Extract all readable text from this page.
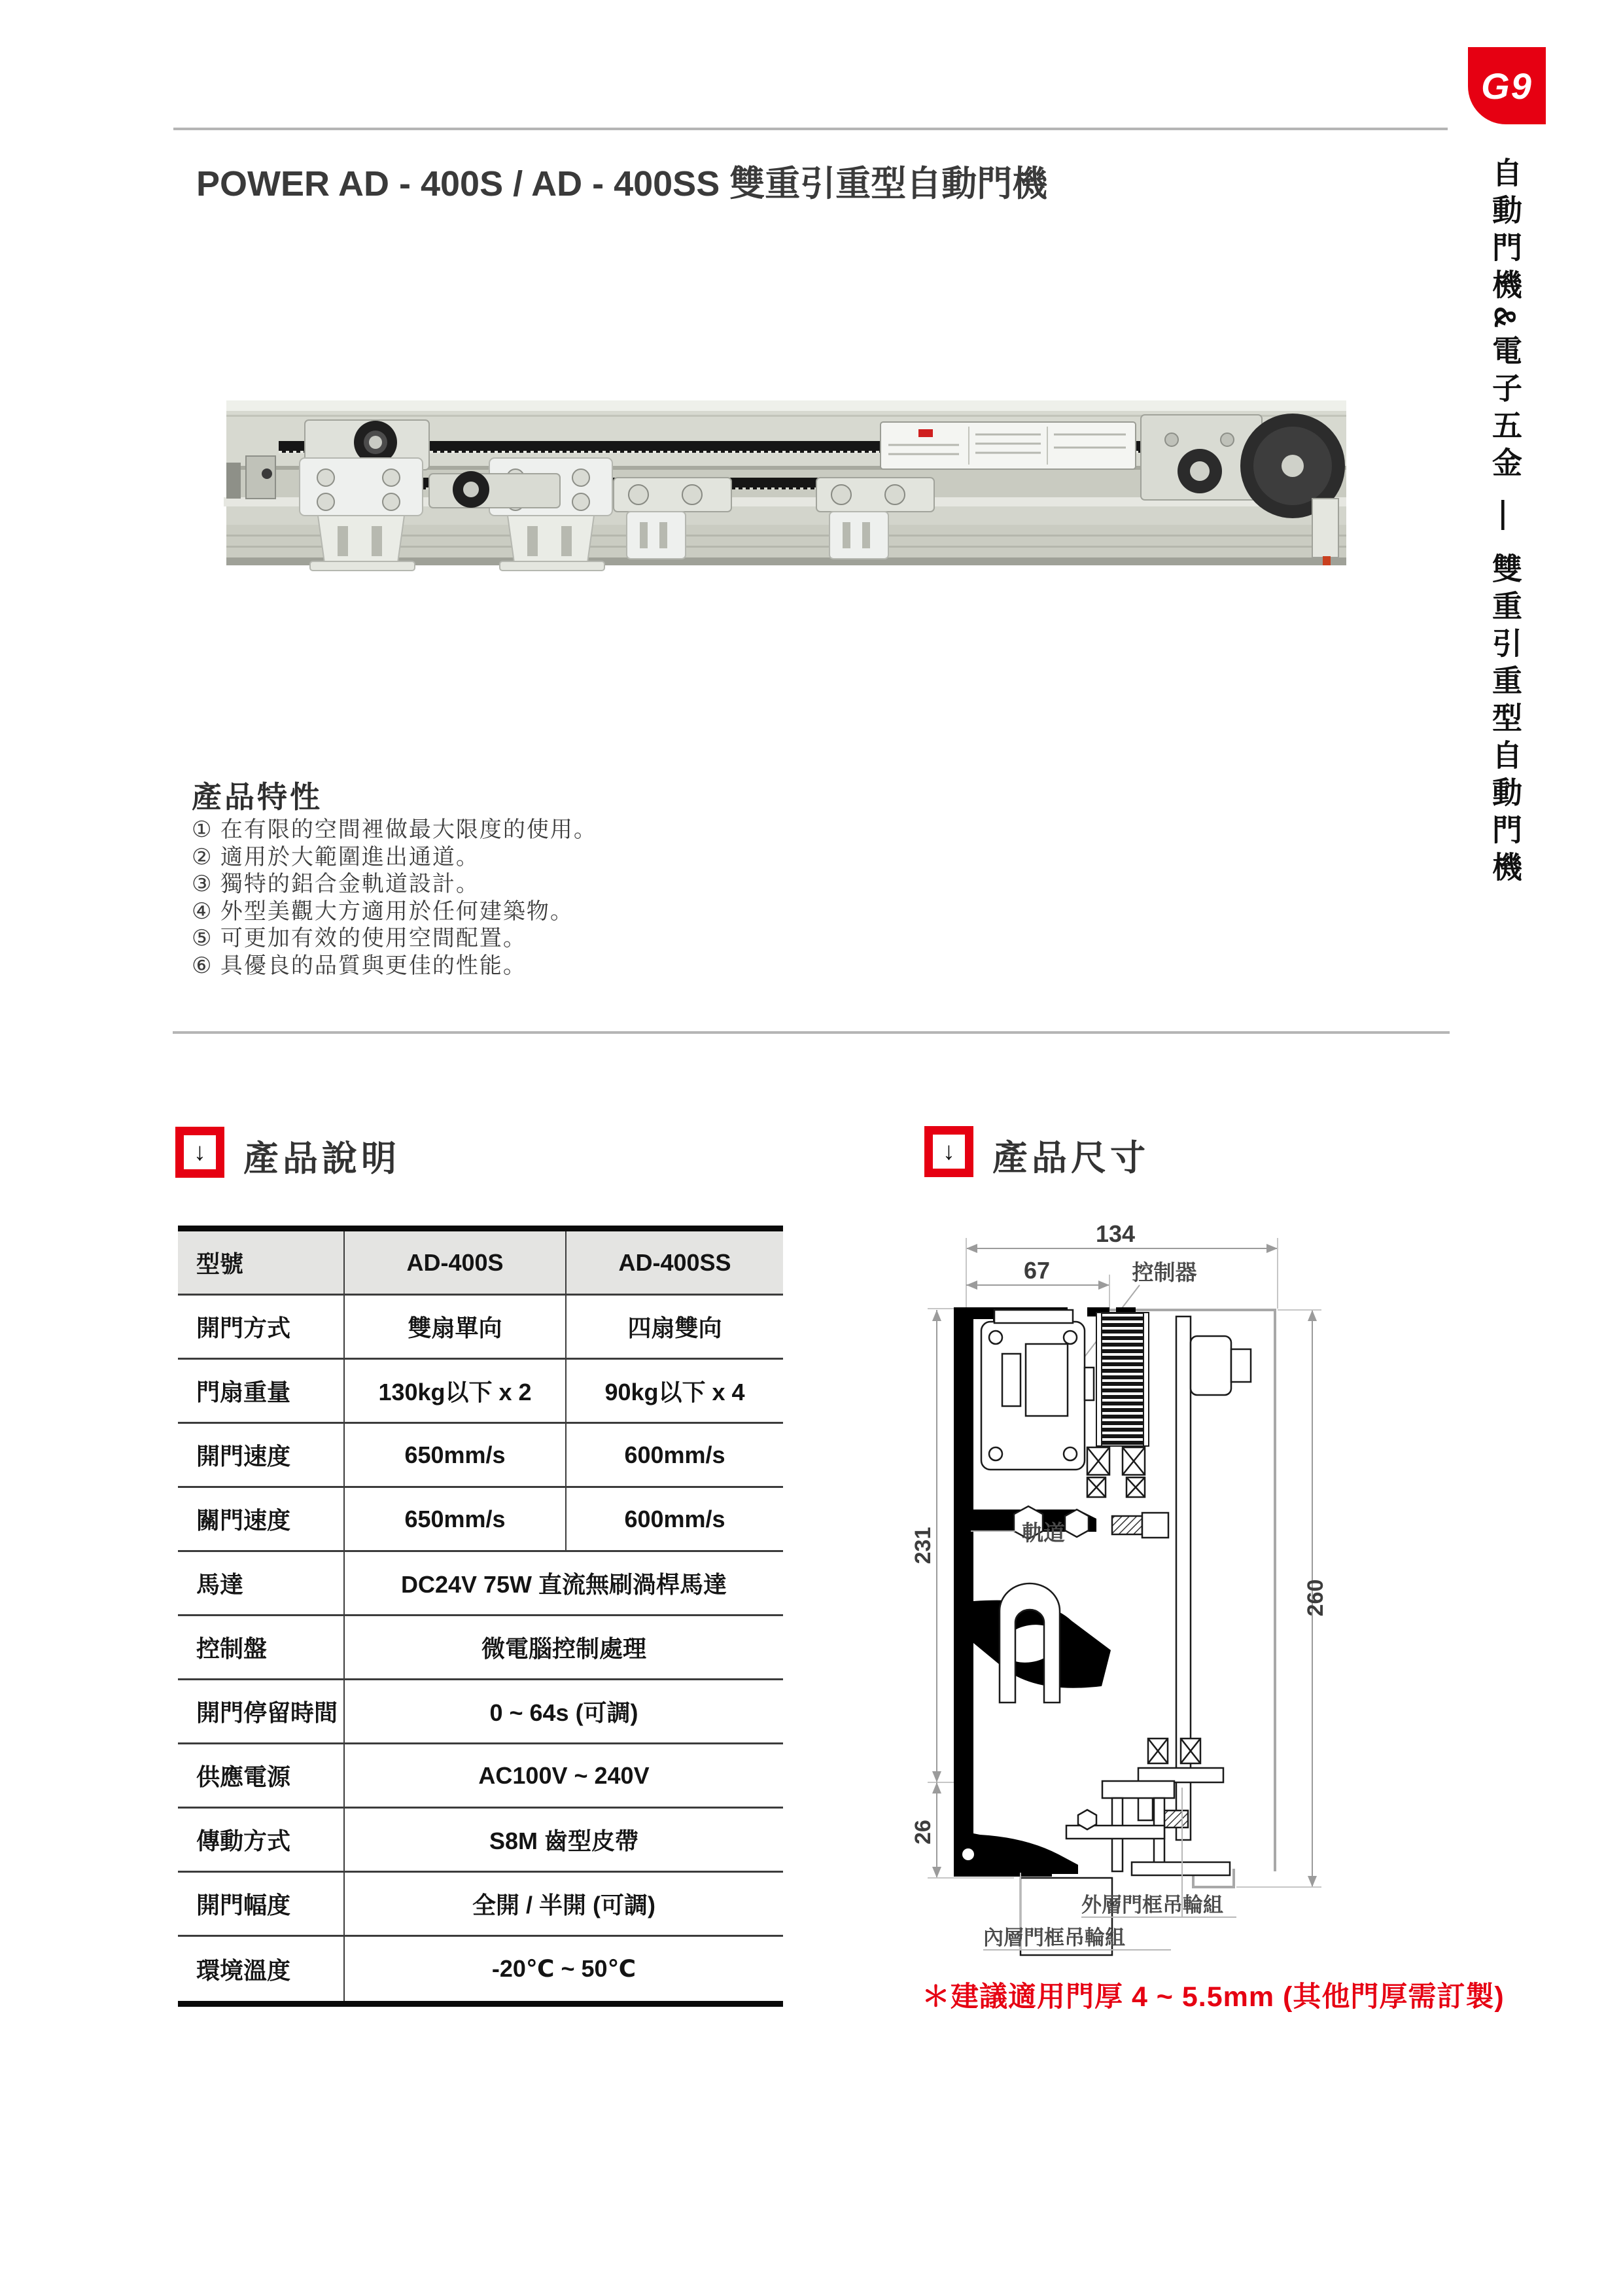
G9
自動門機&電子五金 — 雙重引重型自動門機
POWER AD - 400S / AD - 400SS 雙重引重型自動門機
產品特性
① 在有限的空間裡做最大限度的使用。
② 適用於大範圍進出通道。
③ 獨特的鋁合金軌道設計。
④ 外型美觀大方適用於任何建築物。
⑤ 可更加有效的使用空間配置。
⑥ 具優良的品質與更佳的性能。
↓ 產品說明	↓ 產品尺寸
型號	AD-400S	AD-400SS
開門方式	雙扇單向	四扇雙向
門扇重量	130kg以下 x 2	90kg以下 x 4
開門速度	650mm/s	600mm/s
關門速度	650mm/s	600mm/s
馬達	DC24V 75W 直流無刷渦桿馬達
控制盤	微電腦控制處理
開門停留時間	0 ~ 64s (可調)
供應電源	AC100V ~ 240V
傳動方式	S8M 齒型皮帶
開門幅度	全開 / 半開 (可調)
環境溫度	-20℃ ~ 50℃
134
67	控制器
軌道
231
26
260
外層門框吊輪組
內層門框吊輪組
＊建議適用門厚 4 ~ 5.5mm (其他門厚需訂製)
